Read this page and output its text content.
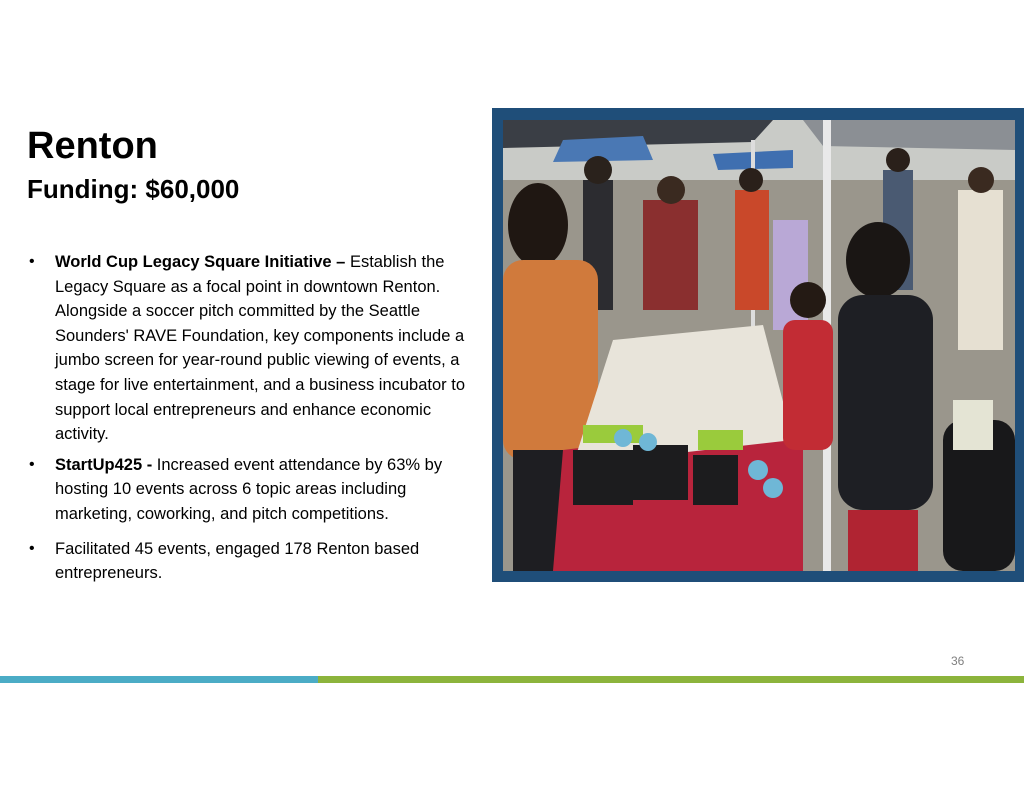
Renton
Funding: $60,000
• World Cup Legacy Square Initiative – Establish the Legacy Square as a focal point in downtown Renton. Alongside a soccer pitch committed by the Seattle Sounders' RAVE Foundation, key components include a jumbo screen for year-round public viewing of events, a stage for live entertainment, and a business incubator to support local entrepreneurs and enhance economic activity.
• StartUp425 - Increased event attendance by 63% by hosting 10 events across 6 topic areas including marketing, coworking, and pitch competitions.
• Facilitated 45 events, engaged 178 Renton based entrepreneurs.
36
